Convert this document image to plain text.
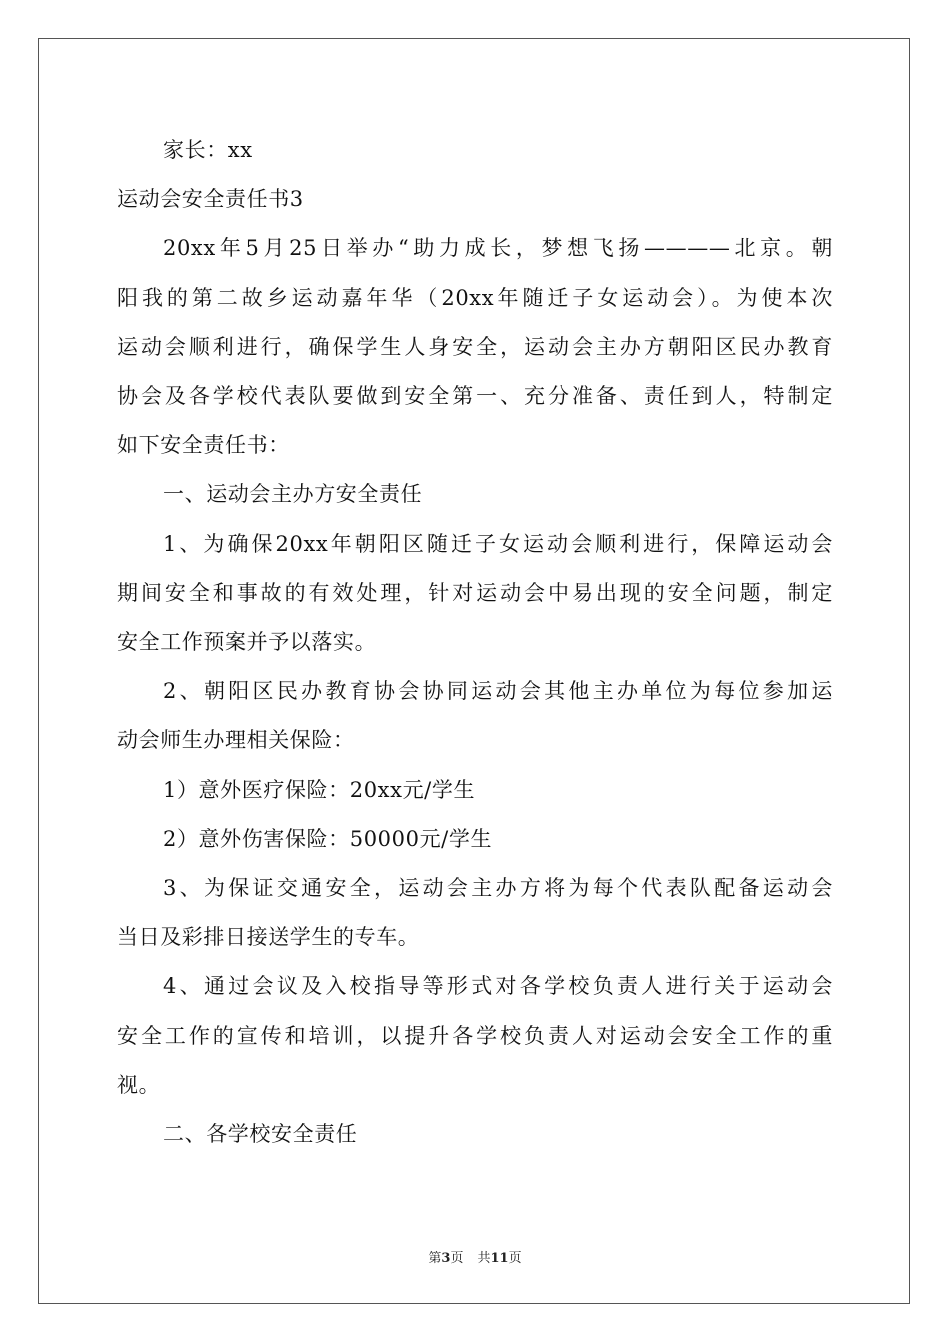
家长：xx
运动会安全责任书3
20xx年5月25日举办“助力成长，梦想飞扬————北京。朝
阳我的第二故乡运动嘉年华（20xx年随迁子女运动会）。为使本次
运动会顺利进行，确保学生人身安全，运动会主办方朝阳区民办教育
协会及各学校代表队要做到安全第一、充分准备、责任到人，特制定
如下安全责任书：
一、运动会主办方安全责任
1、为确保20xx年朝阳区随迁子女运动会顺利进行，保障运动会
期间安全和事故的有效处理，针对运动会中易出现的安全问题，制定
安全工作预案并予以落实。
2、朝阳区民办教育协会协同运动会其他主办单位为每位参加运
动会师生办理相关保险：
1）意外医疗保险：20xx元/学生
2）意外伤害保险：50000元/学生
3、为保证交通安全，运动会主办方将为每个代表队配备运动会
当日及彩排日接送学生的专车。
4、通过会议及入校指导等形式对各学校负责人进行关于运动会
安全工作的宣传和培训，以提升各学校负责人对运动会安全工作的重
视。
二、各学校安全责任
第3页 共11页
